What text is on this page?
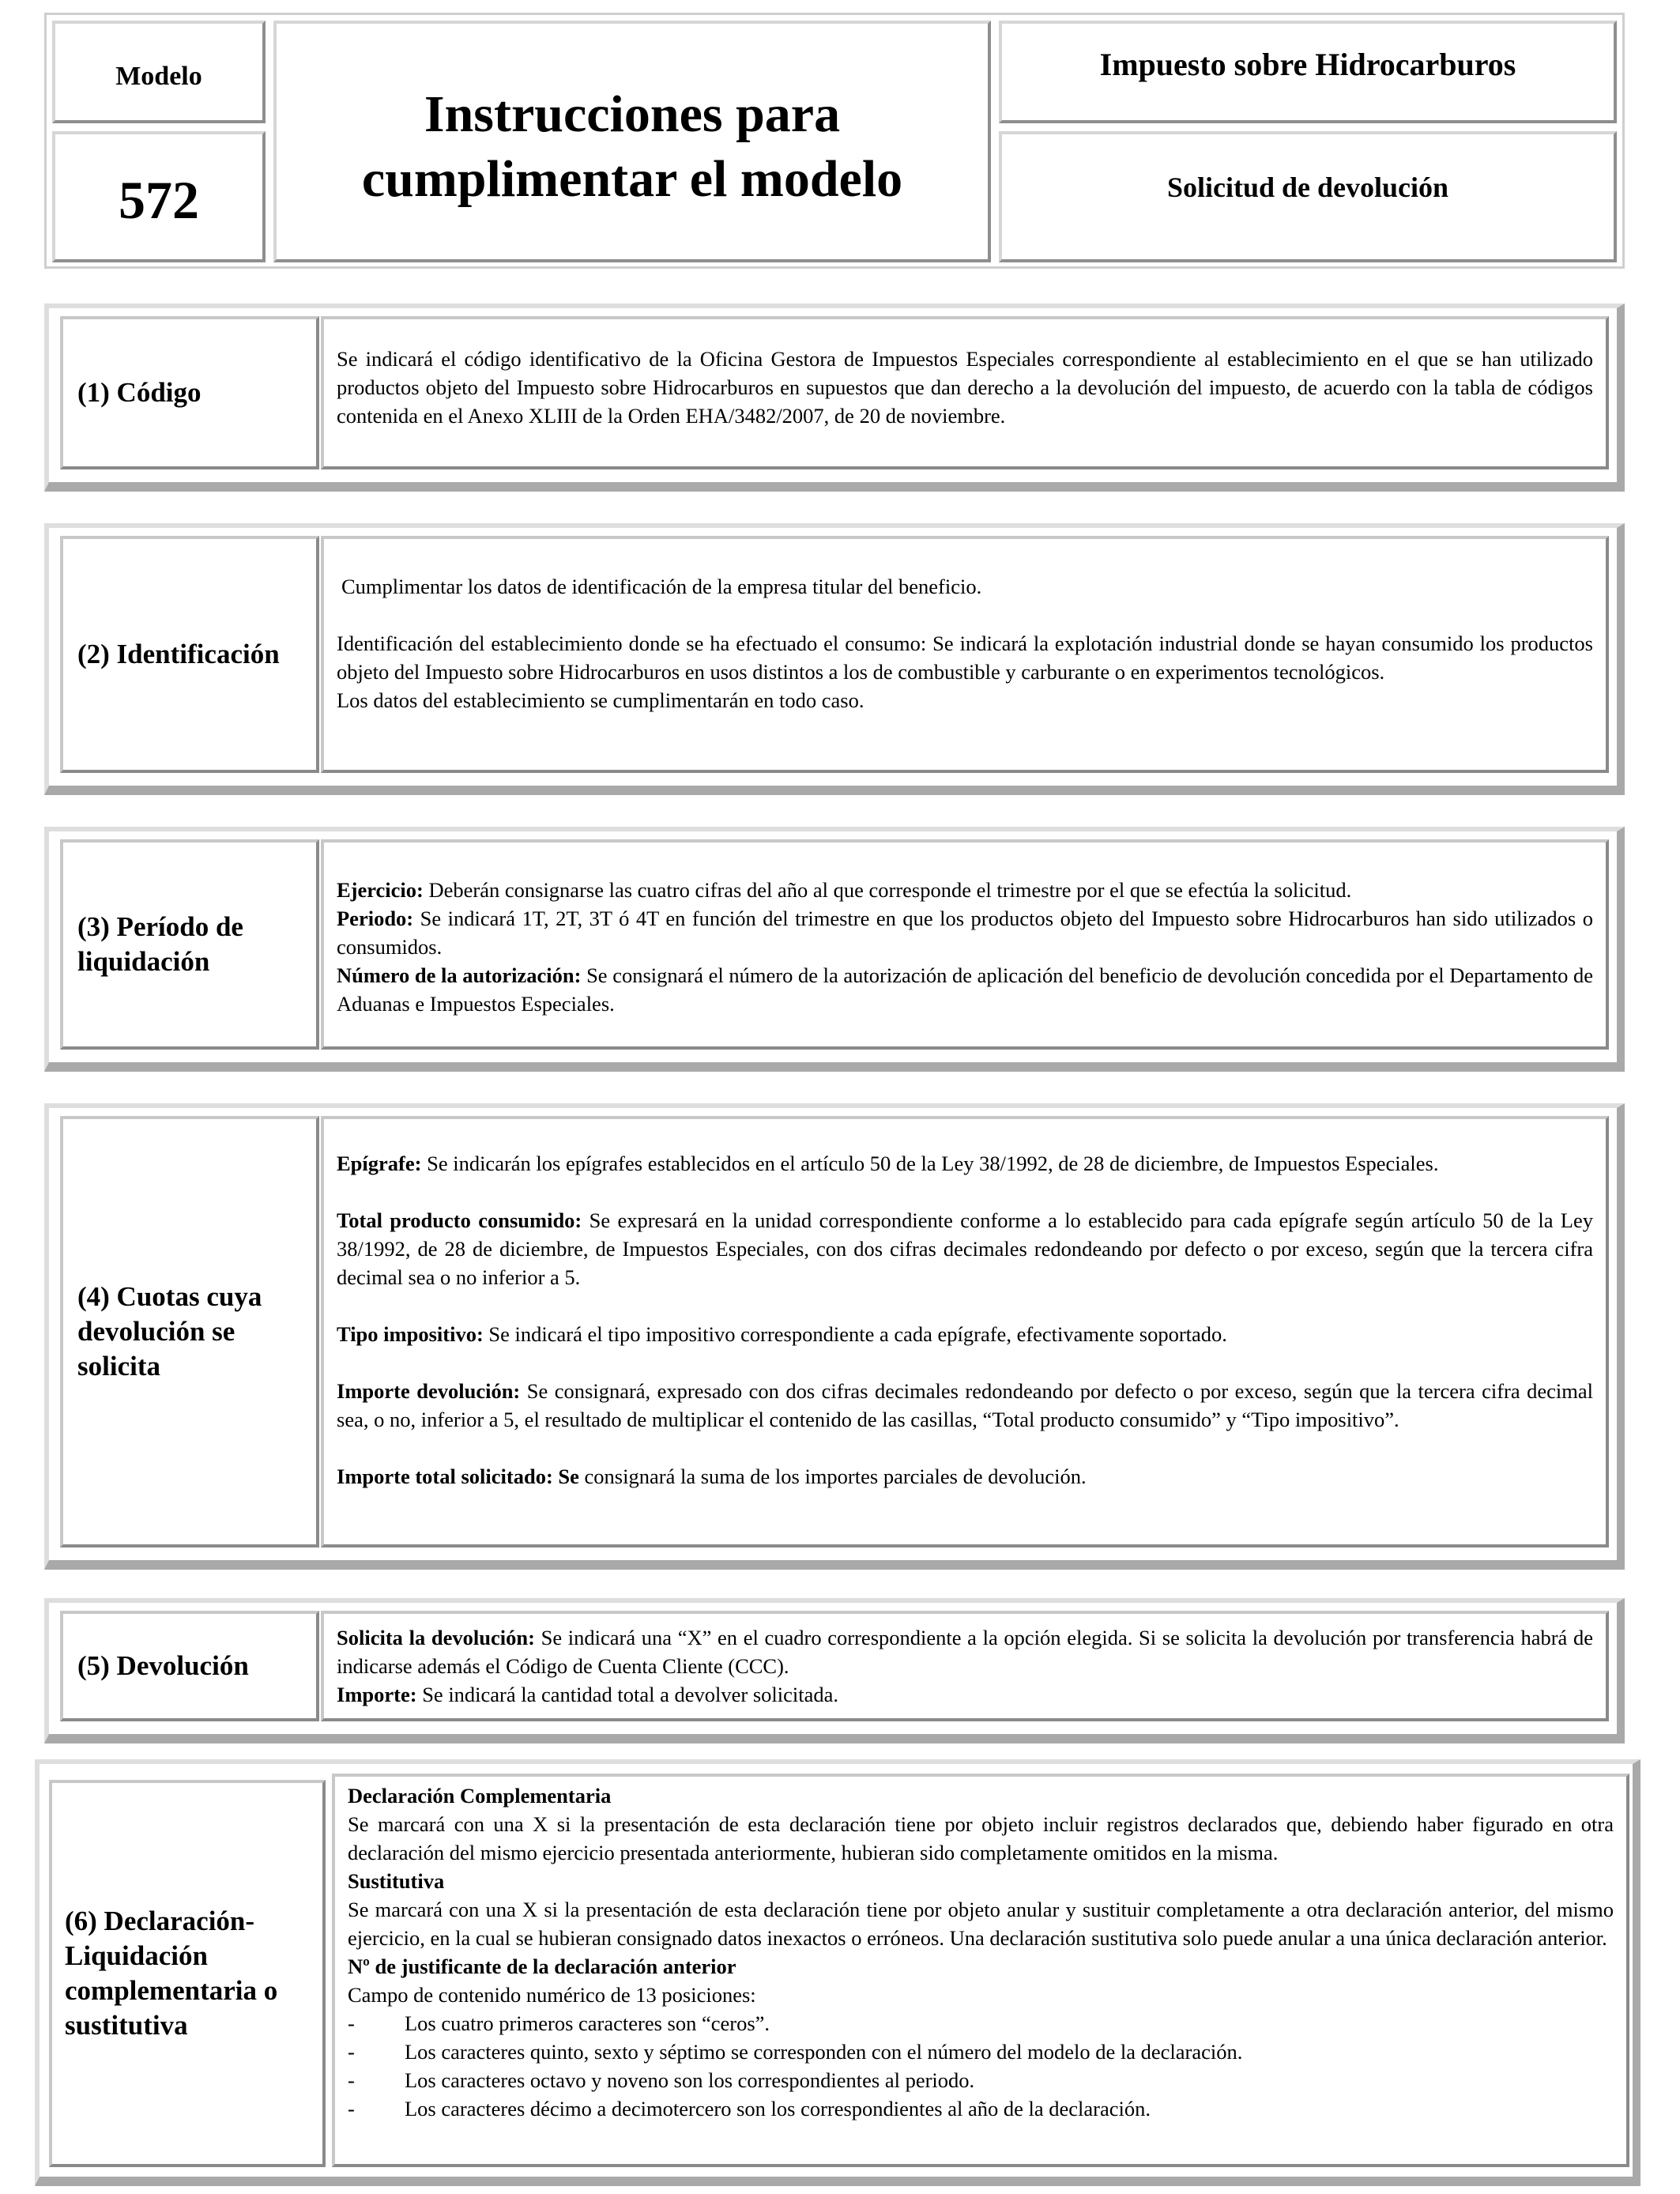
Modelo
572
Instrucciones para
cumplimentar el modelo
Impuesto sobre Hidrocarburos
Solicitud de devolución
(1) Código

Se indicará el código identificativo de la Oficina Gestora de Impuestos Especiales correspondiente al establecimiento en el que se han utilizado productos objeto del Impuesto sobre Hidrocarburos en supuestos que dan derecho a la devolución del impuesto, de acuerdo con la tabla de códigos contenida en el Anexo XLIII de la Orden EHA/3482/2007, de 20 de noviembre.

(2) Identificación

Cumplimentar los datos de identificación de la empresa titular del beneficio.

Identificación del establecimiento donde se ha efectuado el consumo: Se indicará la explotación industrial donde se hayan consumido los productos objeto del Impuesto sobre Hidrocarburos en usos distintos a los de combustible y carburante o en experimentos tecnológicos.

Los datos del establecimiento se cumplimentarán en todo caso.

(3) Período de liquidación

Ejercicio: Deberán consignarse las cuatro cifras del año al que corresponde el trimestre por el que se efectúa la solicitud.

Periodo: Se indicará 1T, 2T, 3T ó 4T en función del trimestre en que los productos objeto del Impuesto sobre Hidrocarburos han sido utilizados o consumidos.

Número de la autorización: Se consignará el número de la autorización de aplicación del beneficio de devolución concedida por el Departamento de Aduanas e Impuestos Especiales.

(4) Cuotas cuya devolución se solicita

Epígrafe: Se indicarán los epígrafes establecidos en el artículo 50 de la Ley 38/1992, de 28 de diciembre, de Impuestos Especiales.

Total producto consumido: Se expresará en la unidad correspondiente conforme a lo establecido para cada epígrafe según artículo 50 de la Ley 38/1992, de 28 de diciembre, de Impuestos Especiales, con dos cifras decimales redondeando por defecto o por exceso, según que la tercera cifra decimal sea o no inferior a 5.

Tipo impositivo: Se indicará el tipo impositivo correspondiente a cada epígrafe, efectivamente soportado.

Importe devolución: Se consignará, expresado con dos cifras decimales redondeando por defecto o por exceso, según que la tercera cifra decimal sea, o no, inferior a 5, el resultado de multiplicar el contenido de las casillas, “Total producto consumido” y “Tipo impositivo”.

Importe total solicitado: Se consignará la suma de los importes parciales de devolución.

(5) Devolución

Solicita la devolución: Se indicará una “X” en el cuadro correspondiente a la opción elegida. Si se solicita la devolución por transferencia habrá de indicarse además el Código de Cuenta Cliente (CCC).

Importe: Se indicará la cantidad total a devolver solicitada.

(6) Declaración-Liquidación complementaria o sustitutiva

Declaración Complementaria

Se marcará con una X si la presentación de esta declaración tiene por objeto incluir registros declarados que, debiendo haber figurado en otra declaración del mismo ejercicio presentada anteriormente, hubieran sido completamente omitidos en la misma.

Sustitutiva

Se marcará con una X si la presentación de esta declaración tiene por objeto anular y sustituir completamente a otra declaración anterior, del mismo ejercicio, en la cual se hubieran consignado datos inexactos o erróneos. Una declaración sustitutiva solo puede anular a una única declaración anterior.

Nº de justificante de la declaración anterior

Campo de contenido numérico de 13 posiciones:

- Los cuatro primeros caracteres son “ceros”.
- Los caracteres quinto, sexto y séptimo se corresponden con el número del modelo de la declaración.
- Los caracteres octavo y noveno son los correspondientes al periodo.
- Los caracteres décimo a decimotercero son los correspondientes al año de la declaración.
